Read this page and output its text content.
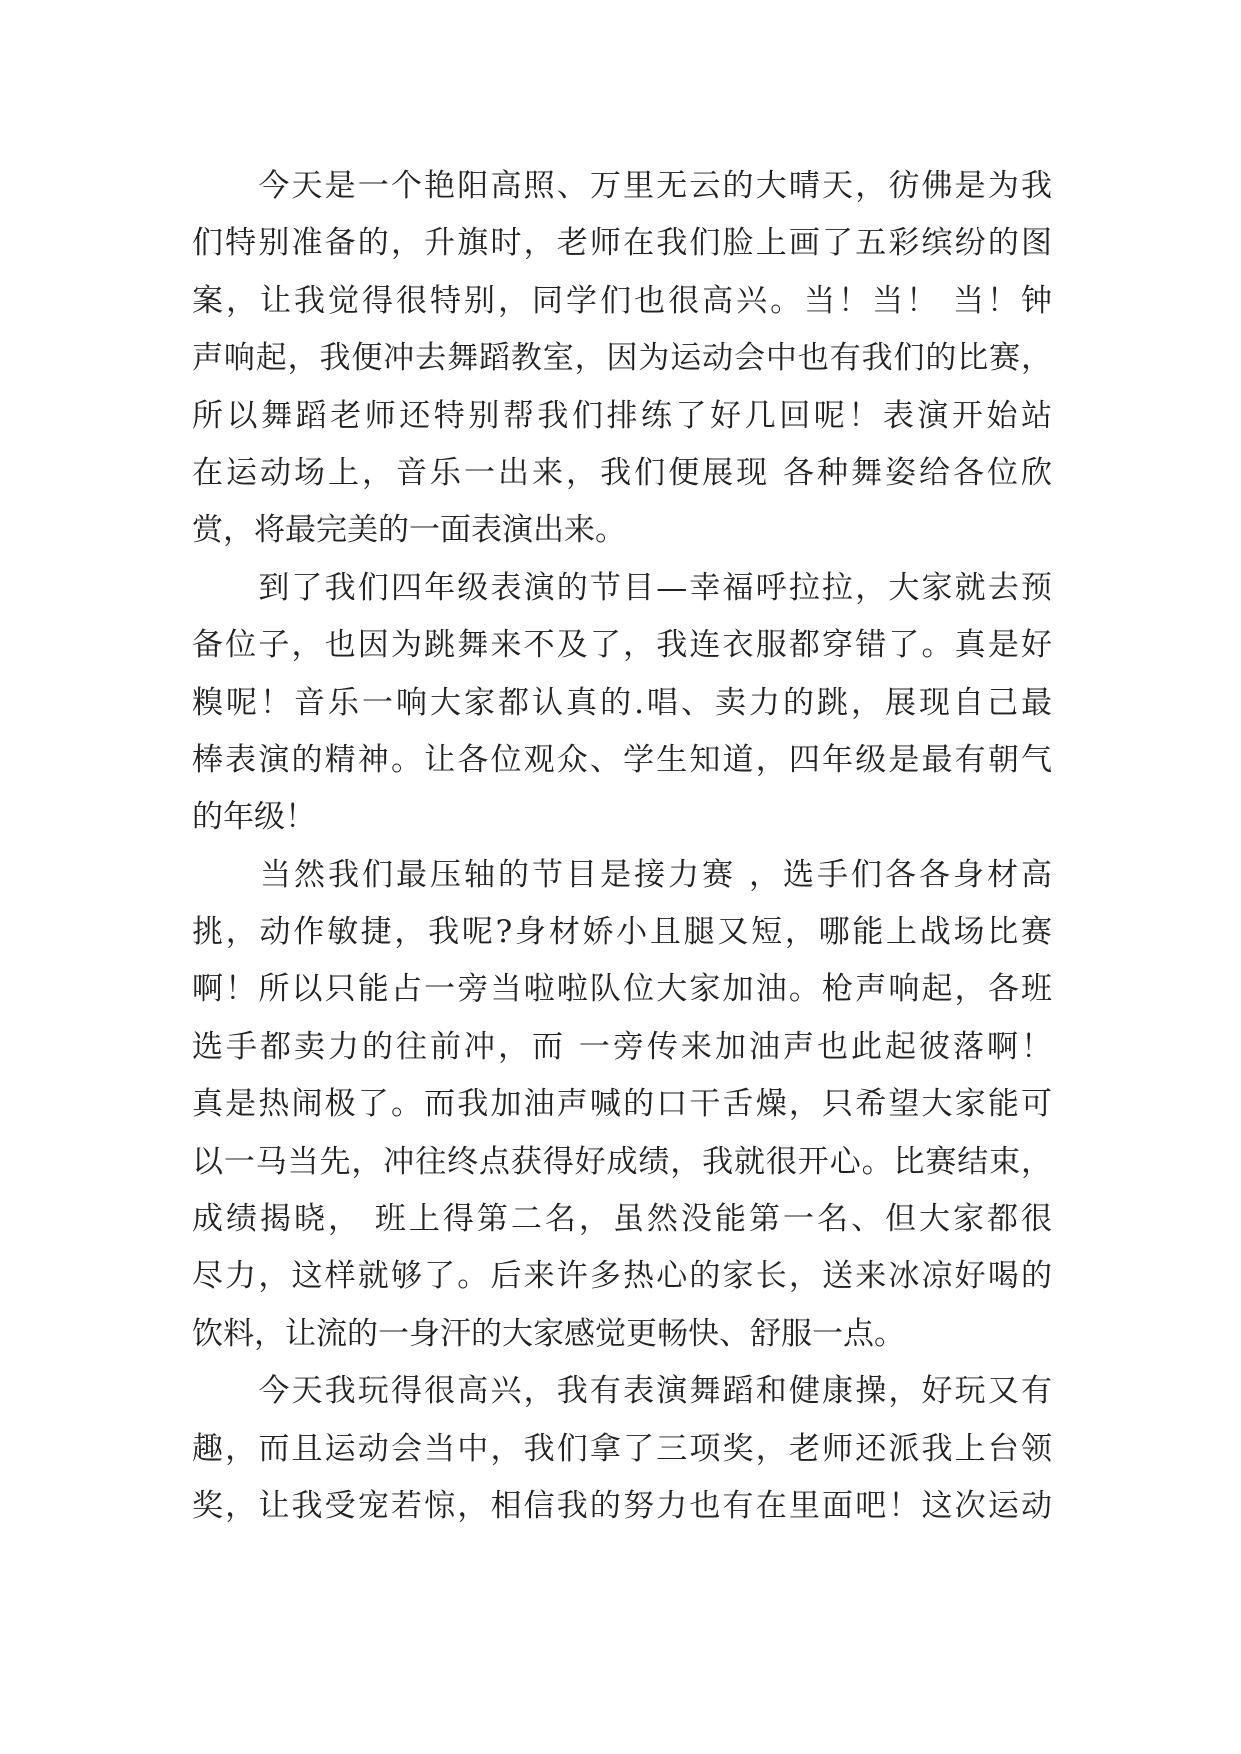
　　今天是一个艳阳高照、万里无云的大晴天，彷佛是为我
们特别准备的，升旗时，老师在我们脸上画了五彩缤纷的图
案，让我觉得很特别，同学们也很高兴。当！当！ 当！钟
声响起，我便冲去舞蹈教室，因为运动会中也有我们的比赛，
所以舞蹈老师还特别帮我们排练了好几回呢！表演开始站
在运动场上，音乐一出来，我们便展现 各种舞姿给各位欣
赏，将最完美的一面表演出来。
　　到了我们四年级表演的节目—幸福呼拉拉，大家就去预
备位子，也因为跳舞来不及了，我连衣服都穿错了。真是好
糗呢！音乐一响大家都认真的.唱、卖力的跳，展现自己最
棒表演的精神。让各位观众、学生知道，四年级是最有朝气
的年级！
　　当然我们最压轴的节目是接力赛 ，选手们各各身材高
挑，动作敏捷，我呢?身材娇小且腿又短，哪能上战场比赛
啊！所以只能占一旁当啦啦队位大家加油。枪声响起，各班
选手都卖力的往前冲，而 一旁传来加油声也此起彼落啊！
真是热闹极了。而我加油声喊的口干舌燥，只希望大家能可
以一马当先，冲往终点获得好成绩，我就很开心。比赛结束，
成绩揭晓， 班上得第二名，虽然没能第一名、但大家都很
尽力，这样就够了。后来许多热心的家长，送来冰凉好喝的
饮料，让流的一身汗的大家感觉更畅快、舒服一点。
　　今天我玩得很高兴，我有表演舞蹈和健康操，好玩又有
趣，而且运动会当中，我们拿了三项奖，老师还派我上台领
奖，让我受宠若惊，相信我的努力也有在里面吧！这次运动
